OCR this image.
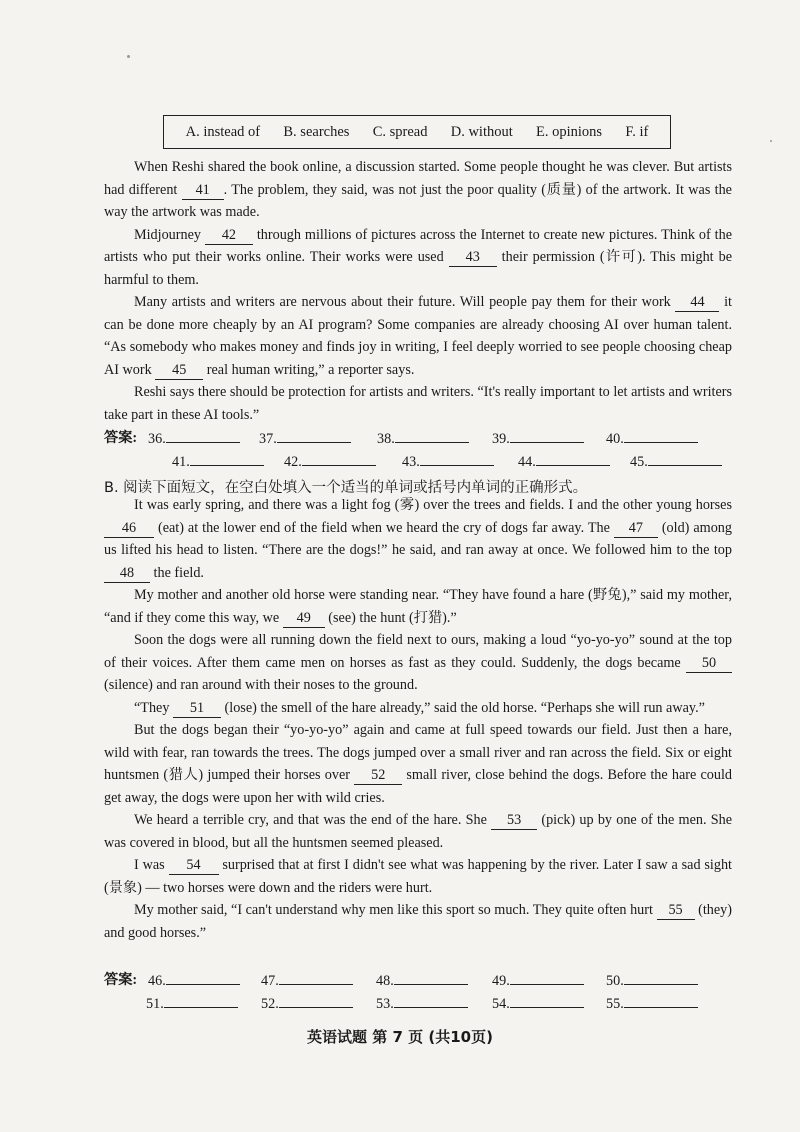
A. instead of B. searches C. spread D. without E. opinions F. if

When Reshi shared the book online, a discussion started. Some people thought he was clever. But artists had different 41 . The problem, they said, was not just the poor quality (质量) of the artwork. It was the way the artwork was made.

Midjourney 42 through millions of pictures across the Internet to create new pictures. Think of the artists who put their works online. Their works were used 43 their permission (许可). This might be harmful to them.

Many artists and writers are nervous about their future. Will people pay them for their work 44 it can be done more cheaply by an AI program? Some companies are already choosing AI over human talent. “As somebody who makes money and finds joy in writing, I feel deeply worried to see people choosing cheap AI work 45 real human writing,” a reporter says.

Reshi says there should be protection for artists and writers. “It's really important to let artists and writers take part in these AI tools.”

答案: 36.	37.	38.	39.	40.
41.	42.	43.	44.	45.
B. 阅读下面短文，在空白处填入一个适当的单词或括号内单词的正确形式。

It was early spring, and there was a light fog (雾) over the trees and fields. I and the other young horses 46 (eat) at the lower end of the field when we heard the cry of dogs far away. The 47 (old) among us lifted his head to listen. “There are the dogs!” he said, and ran away at once. We followed him to the top 48 the field.

My mother and another old horse were standing near. “They have found a hare (野兔),” said my mother, “and if they come this way, we 49 (see) the hunt (打猎).”

Soon the dogs were all running down the field next to ours, making a loud “yo-yo-yo” sound at the top of their voices. After them came men on horses as fast as they could. Suddenly, the dogs became 50 (silence) and ran around with their noses to the ground.

“They 51 (lose) the smell of the hare already,” said the old horse. “Perhaps she will run away.”

But the dogs began their “yo-yo-yo” again and came at full speed towards our field. Just then a hare, wild with fear, ran towards the trees. The dogs jumped over a small river and ran across the field. Six or eight huntsmen (猎人) jumped their horses over 52 small river, close behind the dogs. Before the hare could get away, the dogs were upon her with wild cries.

We heard a terrible cry, and that was the end of the hare. She 53 (pick) up by one of the men. She was covered in blood, but all the huntsmen seemed pleased.

I was 54 surprised that at first I didn't see what was happening by the river. Later I saw a sad sight (景象) — two horses were down and the riders were hurt.

My mother said, “I can't understand why men like this sport so much. They quite often hurt 55 (they) and good horses.”

答案: 46.	47.	48.	49.	50.
51.	52.	53.	54.	55.
英语试题 第 7 页 (共10页)
